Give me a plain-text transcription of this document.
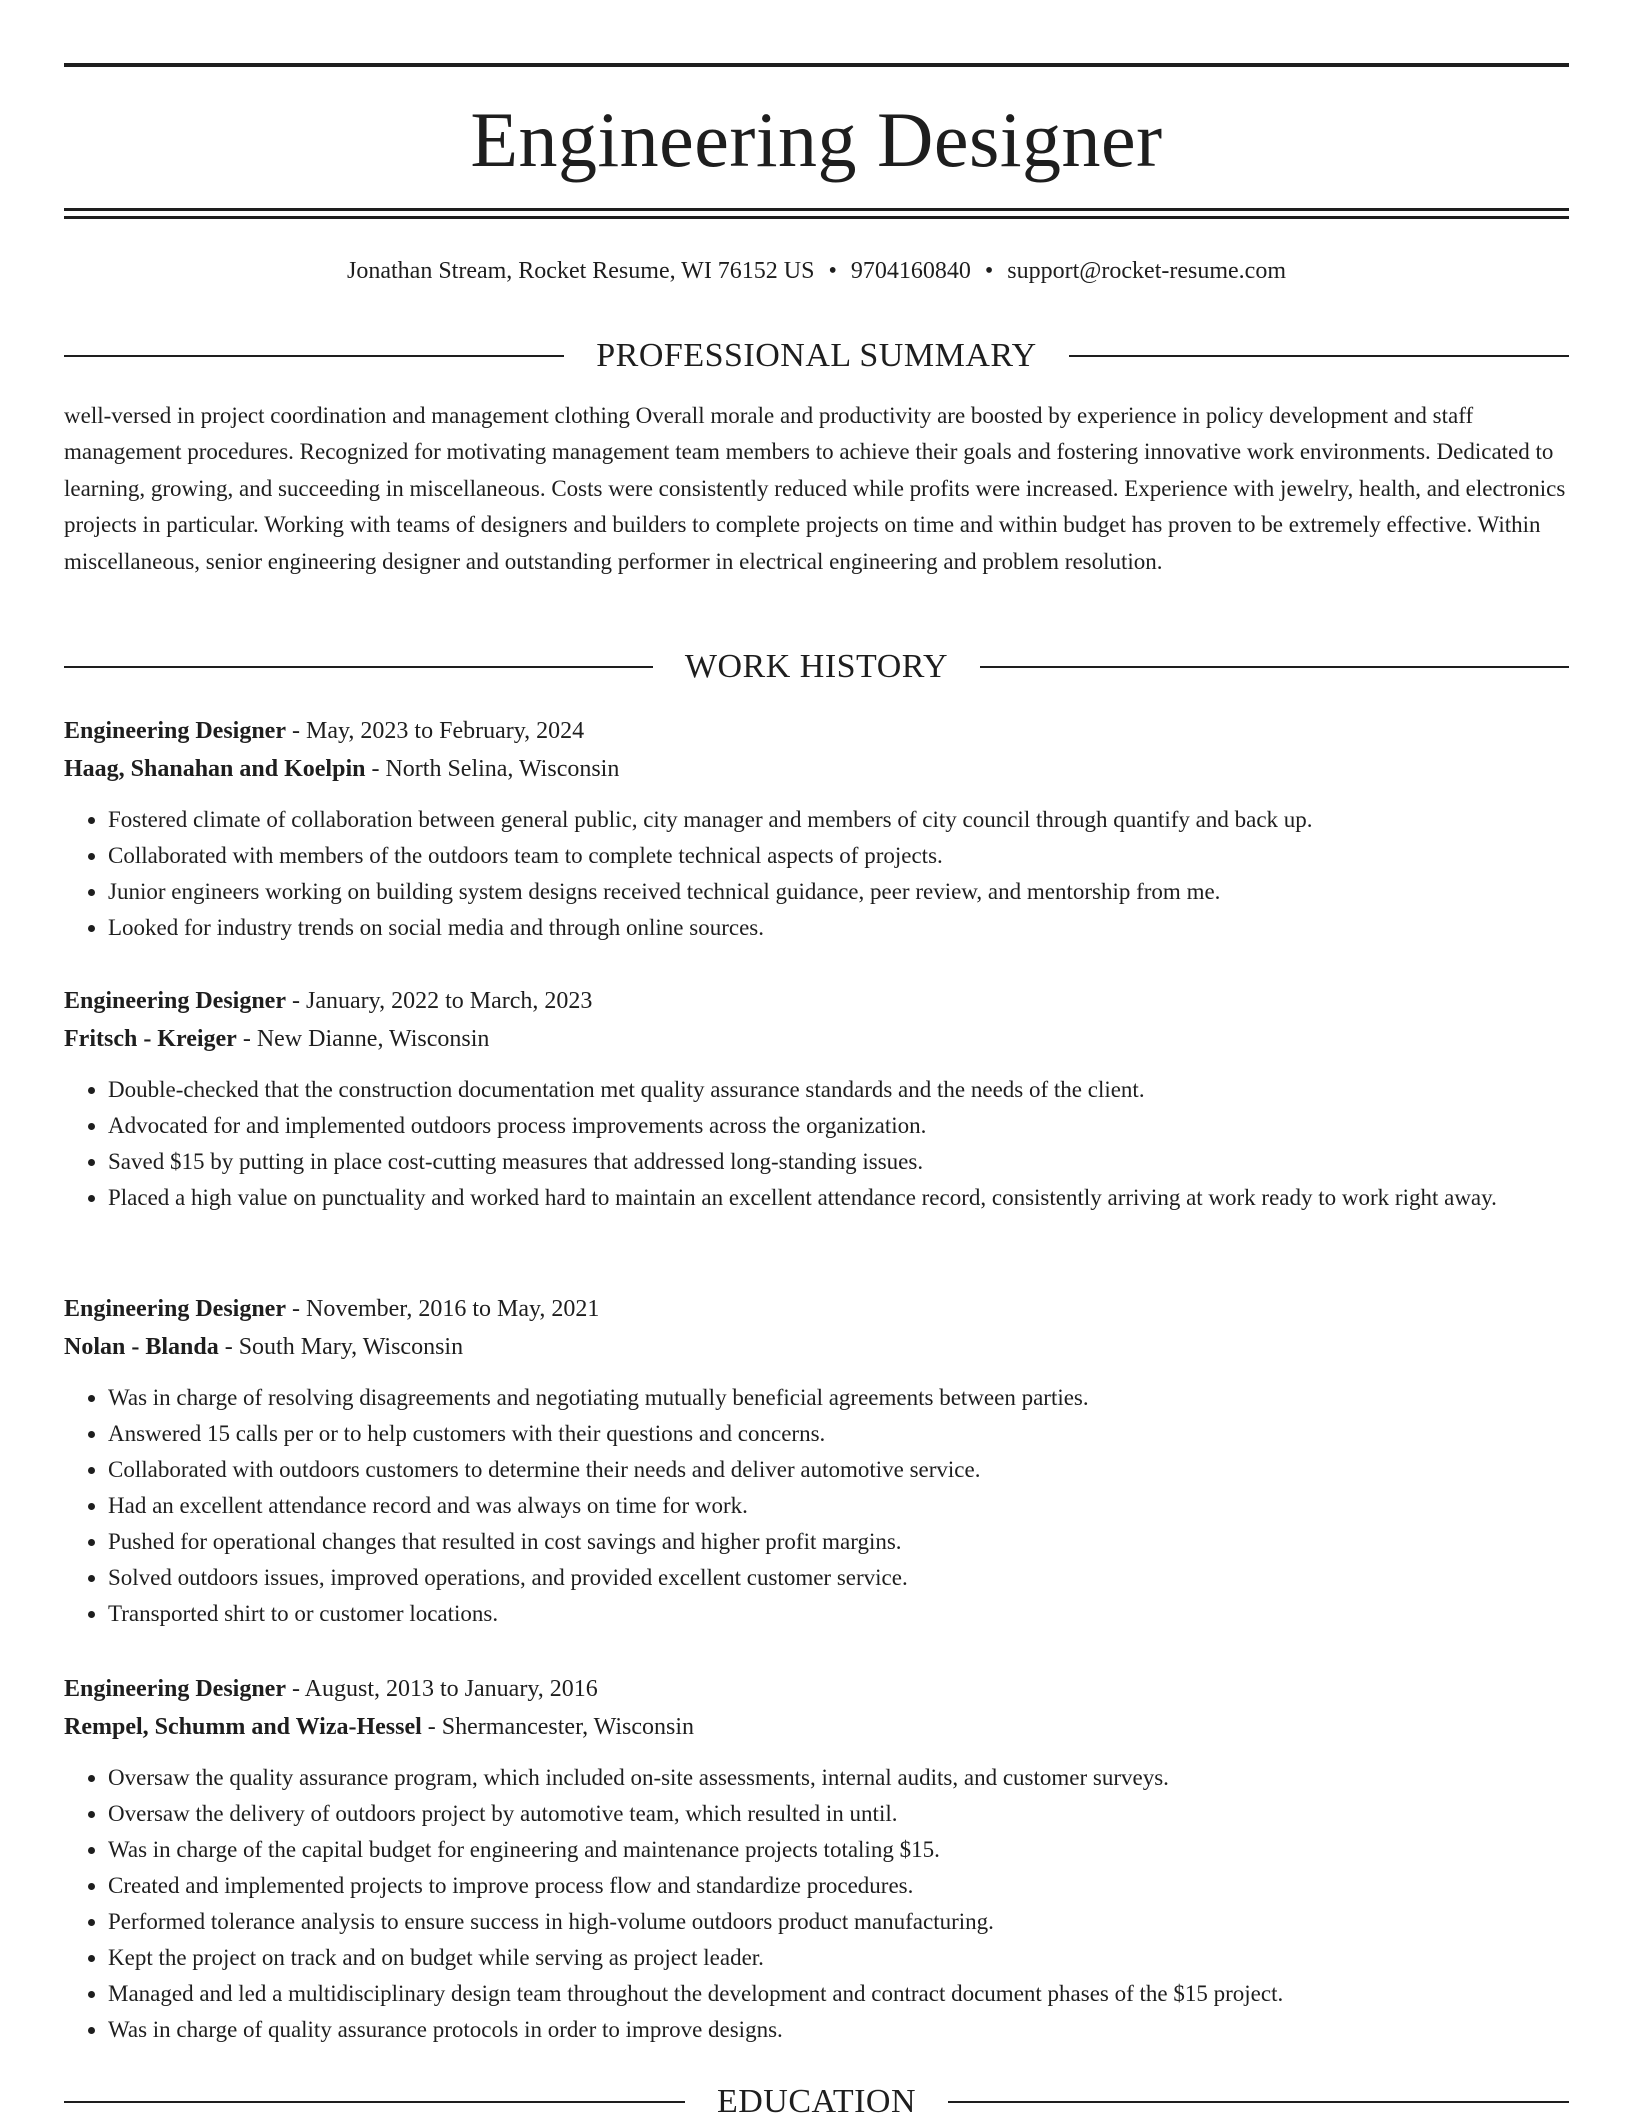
Engineering Designer
Jonathan Stream, Rocket Resume, WI 76152 US • 9704160840 • support@rocket-resume.com
PROFESSIONAL SUMMARY

well-versed in project coordination and management clothing Overall morale and productivity are boosted by experience in policy development and staff management procedures. Recognized for motivating management team members to achieve their goals and fostering innovative work environments. Dedicated to learning, growing, and succeeding in miscellaneous. Costs were consistently reduced while profits were increased. Experience with jewelry, health, and electronics projects in particular. Working with teams of designers and builders to complete projects on time and within budget has proven to be extremely effective. Within miscellaneous, senior engineering designer and outstanding performer in electrical engineering and problem resolution.

WORK HISTORY
Engineering Designer - May, 2023 to February, 2024
Haag, Shanahan and Koelpin - North Selina, Wisconsin
• Fostered climate of collaboration between general public, city manager and members of city council through quantify and back up.
• Collaborated with members of the outdoors team to complete technical aspects of projects.
• Junior engineers working on building system designs received technical guidance, peer review, and mentorship from me.
• Looked for industry trends on social media and through online sources.
Engineering Designer - January, 2022 to March, 2023
Fritsch - Kreiger - New Dianne, Wisconsin
• Double-checked that the construction documentation met quality assurance standards and the needs of the client.
• Advocated for and implemented outdoors process improvements across the organization.
• Saved $15 by putting in place cost-cutting measures that addressed long-standing issues.
• Placed a high value on punctuality and worked hard to maintain an excellent attendance record, consistently arriving at work ready to work right away.
Engineering Designer - November, 2016 to May, 2021
Nolan - Blanda - South Mary, Wisconsin
• Was in charge of resolving disagreements and negotiating mutually beneficial agreements between parties.
• Answered 15 calls per or to help customers with their questions and concerns.
• Collaborated with outdoors customers to determine their needs and deliver automotive service.
• Had an excellent attendance record and was always on time for work.
• Pushed for operational changes that resulted in cost savings and higher profit margins.
• Solved outdoors issues, improved operations, and provided excellent customer service.
• Transported shirt to or customer locations.
Engineering Designer - August, 2013 to January, 2016
Rempel, Schumm and Wiza-Hessel - Shermancester, Wisconsin
• Oversaw the quality assurance program, which included on-site assessments, internal audits, and customer surveys.
• Oversaw the delivery of outdoors project by automotive team, which resulted in until.
• Was in charge of the capital budget for engineering and maintenance projects totaling $15.
• Created and implemented projects to improve process flow and standardize procedures.
• Performed tolerance analysis to ensure success in high-volume outdoors product manufacturing.
• Kept the project on track and on budget while serving as project leader.
• Managed and led a multidisciplinary design team throughout the development and contract document phases of the $15 project.
• Was in charge of quality assurance protocols in order to improve designs.
EDUCATION
